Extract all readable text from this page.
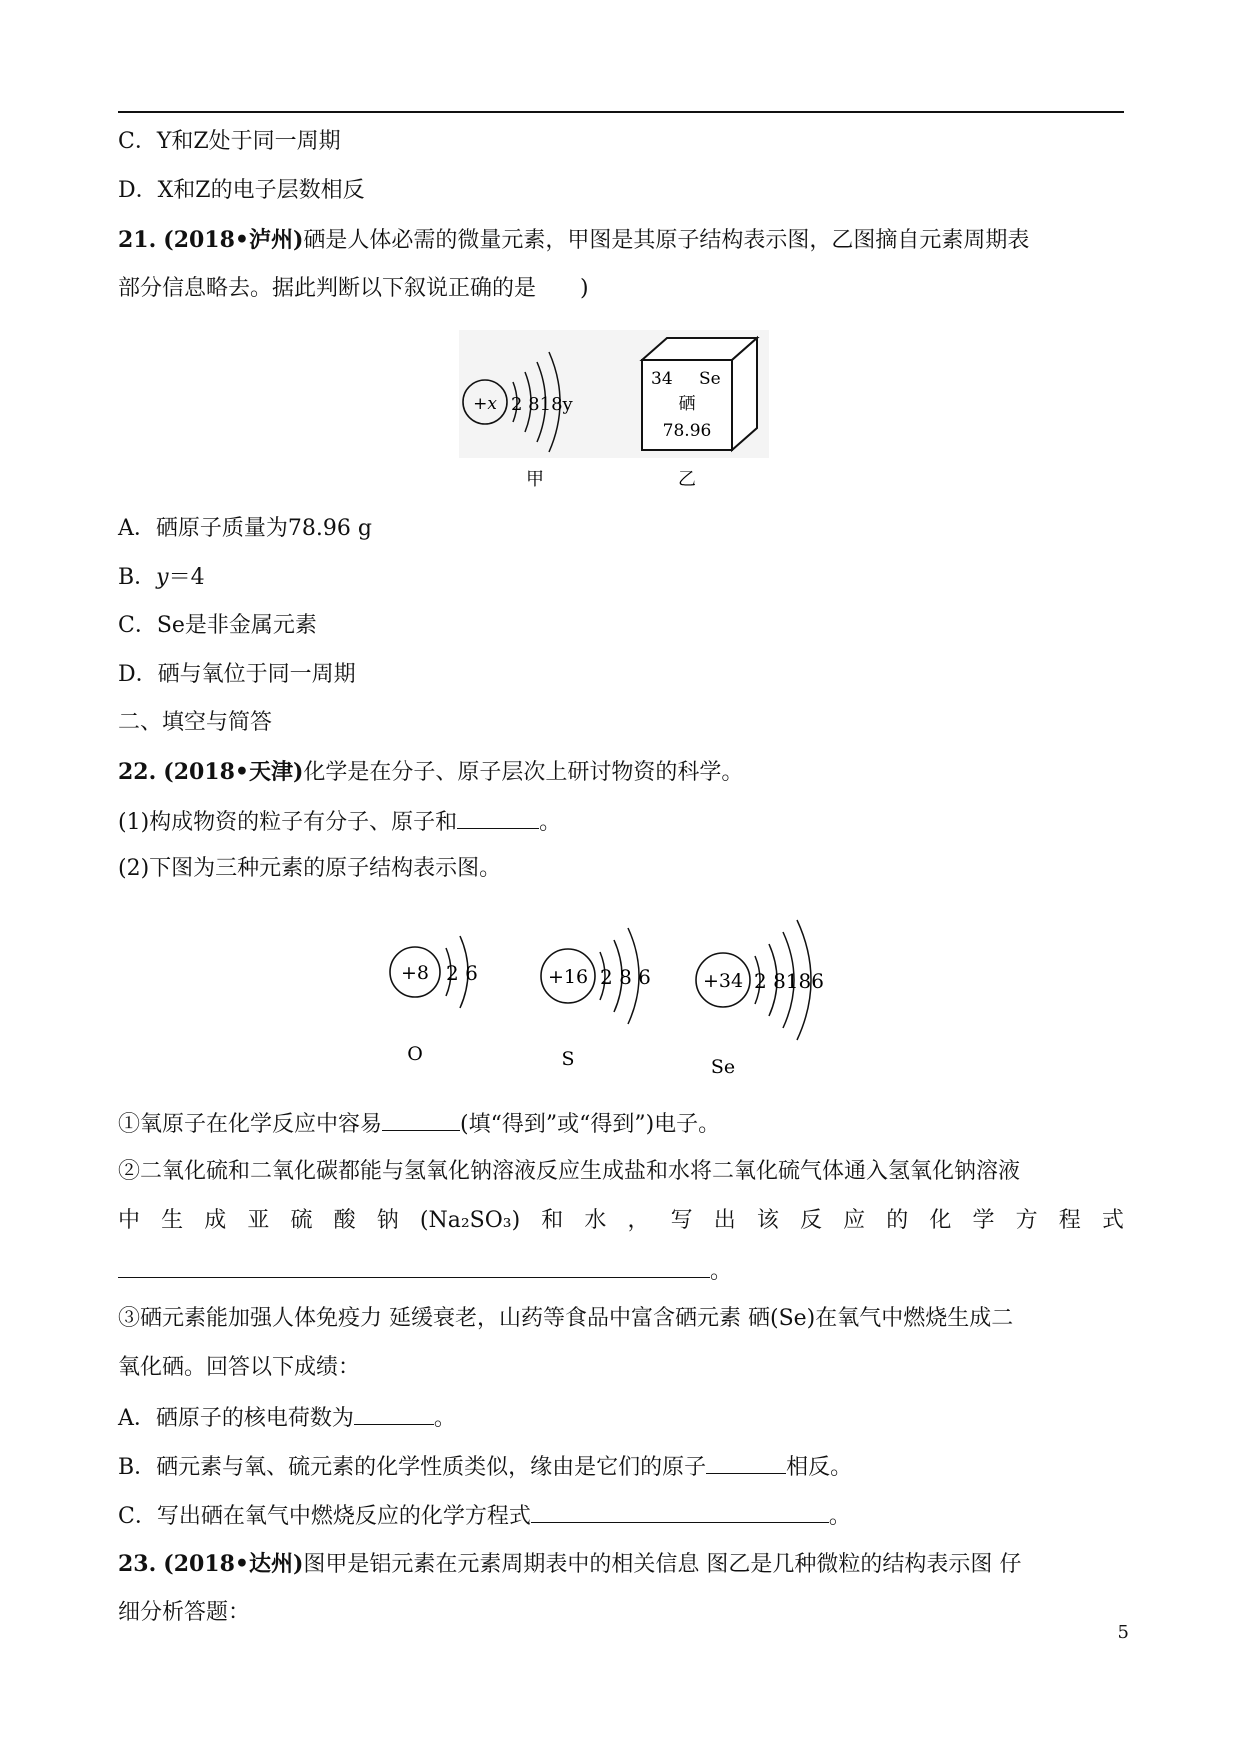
C．Y和Z处于同一周期
D．X和Z的电子层数相反
21. (2018•泸州)硒是人体必需的微量元素，甲图是其原子结构表示图，乙图摘自元素周期表
部分信息略去。据此判断以下叙说正确的是　　)
+x 2 818y
34 Se
硒
78.96
甲	乙
A．硒原子质量为78.96 g
B．y＝4
C．Se是非金属元素
D．硒与氧位于同一周期
二、填空与简答
22. (2018•天津)化学是在分子、原子层次上研讨物资的科学。
(1)构成物资的粒子有分子、原子和	。
(2)下图为三种元素的原子结构表示图。
+8 2 6
O
+16 2 8 6
S
+34 2 8186
Se
①氧原子在化学反应中容易	(填“得到”或“得到”)电子。
②二氧化硫和二氧化碳都能与氢氧化钠溶液反应生成盐和水将二氧化硫气体通入氢氧化钠溶液
中 生 成 亚 硫 酸 钠 (Na₂SO₃) 和 水 ， 写 出 该 反 应 的 化 学 方 程 式
。
③硒元素能加强人体免疫力 延缓衰老，山药等食品中富含硒元素 硒(Se)在氧气中燃烧生成二
氧化硒。回答以下成绩：
A．硒原子的核电荷数为	。
B．硒元素与氧、硫元素的化学性质类似，缘由是它们的原子	相反。
C．写出硒在氧气中燃烧反应的化学方程式	。
23. (2018•达州)图甲是铝元素在元素周期表中的相关信息 图乙是几种微粒的结构表示图 仔
细分析答题：
5
